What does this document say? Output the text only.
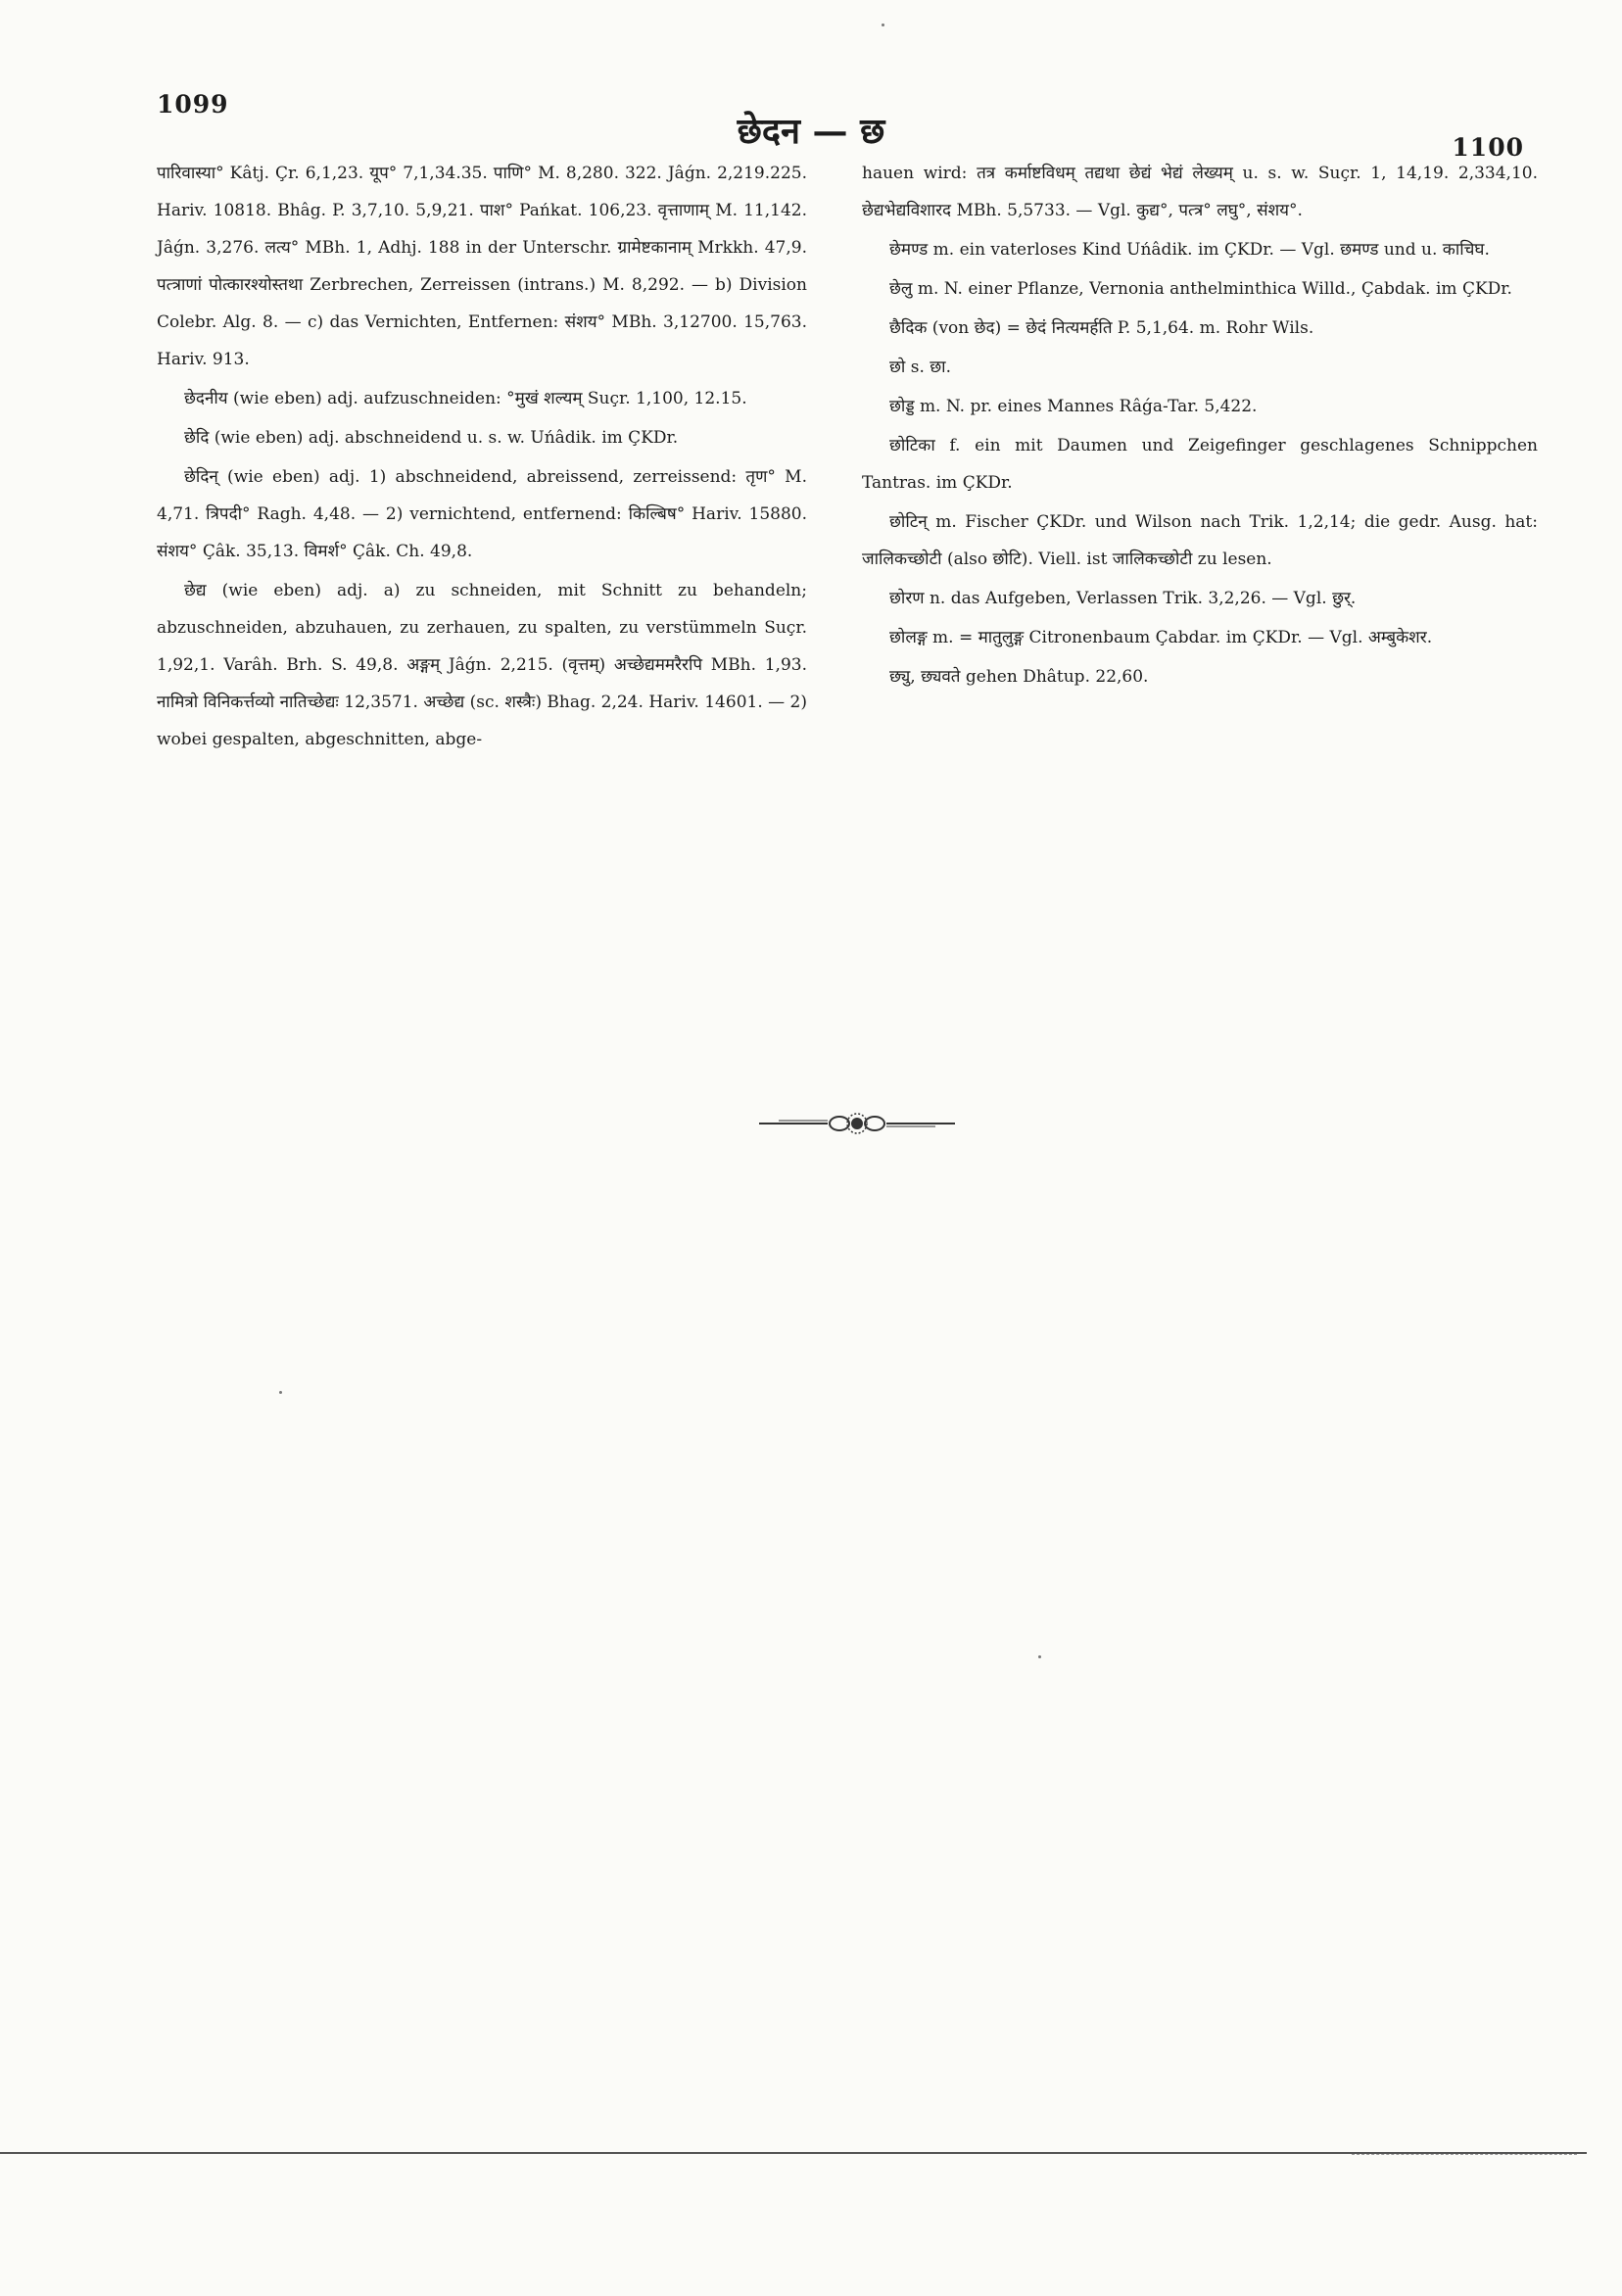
1099
छेदन — छ	1100

पारिवास्या° Kâtj. Çr. 6,1,23. यूप° 7,1,34.35. पाणि° M. 8,280. 322. Jâǵn. 2,219.225. Hariv. 10818. Bhâg. P. 3,7,10. 5,9,21. पाश° Pańkat. 106,23. वृत्ताणाम् M. 11,142. Jâǵn. 3,276. लत्य° MBh. 1, Adhj. 188 in der Unterschr. ग्रामेष्टकानाम् Mrkkh. 47,9. पत्त्राणां पोत्कारश्योस्तथा Zerbrechen, Zerreissen (intrans.) M. 8,292. — b) Division Colebr. Alg. 8. — c) das Vernichten, Entfernen: संशय° MBh. 3,12700. 15,763. Hariv. 913.

छेदनीय (wie eben) adj. aufzuschneiden: °मुखं शल्यम् Suçr. 1,100, 12.15.

छेदि (wie eben) adj. abschneidend u. s. w. Uńâdik. im ÇKDr.

छेदिन् (wie eben) adj. 1) abschneidend, abreissend, zerreissend: तृण° M. 4,71. त्रिपदी° Ragh. 4,48. — 2) vernichtend, entfernend: किल्बिष° Hariv. 15880. संशय° Çâk. 35,13. विमर्श° Çâk. Ch. 49,8.

छेद्य (wie eben) adj. a) zu schneiden, mit Schnitt zu behandeln; abzuschneiden, abzuhauen, zu zerhauen, zu spalten, zu verstümmeln Suçr. 1,92,1. Varâh. Brh. S. 49,8. अङ्गम् Jâǵn. 2,215. (वृत्तम्) अच्छेद्यममरैरपि MBh. 1,93. नामित्रो विनिकर्त्तव्यो नातिच्छेद्यः 12,3571. अच्छेद्य (sc. शस्त्रैः) Bhag. 2,24. Hariv. 14601. — 2) wobei gespalten, abgeschnitten, abge-

hauen wird: तत्र कर्माष्टविधम् तद्यथा छेद्यं भेद्यं लेख्यम् u. s. w. Suçr. 1, 14,19. 2,334,10. छेद्यभेद्यविशारद MBh. 5,5733. — Vgl. कुद्य°, पत्त्र° लघु°, संशय°.

छेमण्ड m. ein vaterloses Kind Uńâdik. im ÇKDr. — Vgl. छमण्ड und u. काचिघ.

छेलु m. N. einer Pflanze, Vernonia anthelminthica Willd., Çabdak. im ÇKDr.

छैदिक (von छेद) = छेदं नित्यमर्हति P. 5,1,64. m. Rohr Wils.

छो s. छा.

छोड्ड m. N. pr. eines Mannes Râǵa-Tar. 5,422.

छोटिका f. ein mit Daumen und Zeigefinger geschlagenes Schnippchen Tantras. im ÇKDr.

छोटिन् m. Fischer ÇKDr. und Wilson nach Trik. 1,2,14; die gedr. Ausg. hat: जालिकच्छोटी (also छोटि). Viell. ist जालिकच्छोटी zu lesen.

छोरण n. das Aufgeben, Verlassen Trik. 3,2,26. — Vgl. छुर्.

छोलङ्ग m. = मातुलुङ्ग Citronenbaum Çabdar. im ÇKDr. — Vgl. अम्बुकेशर.

छ्यु, छ्यवते gehen Dhâtup. 22,60.
